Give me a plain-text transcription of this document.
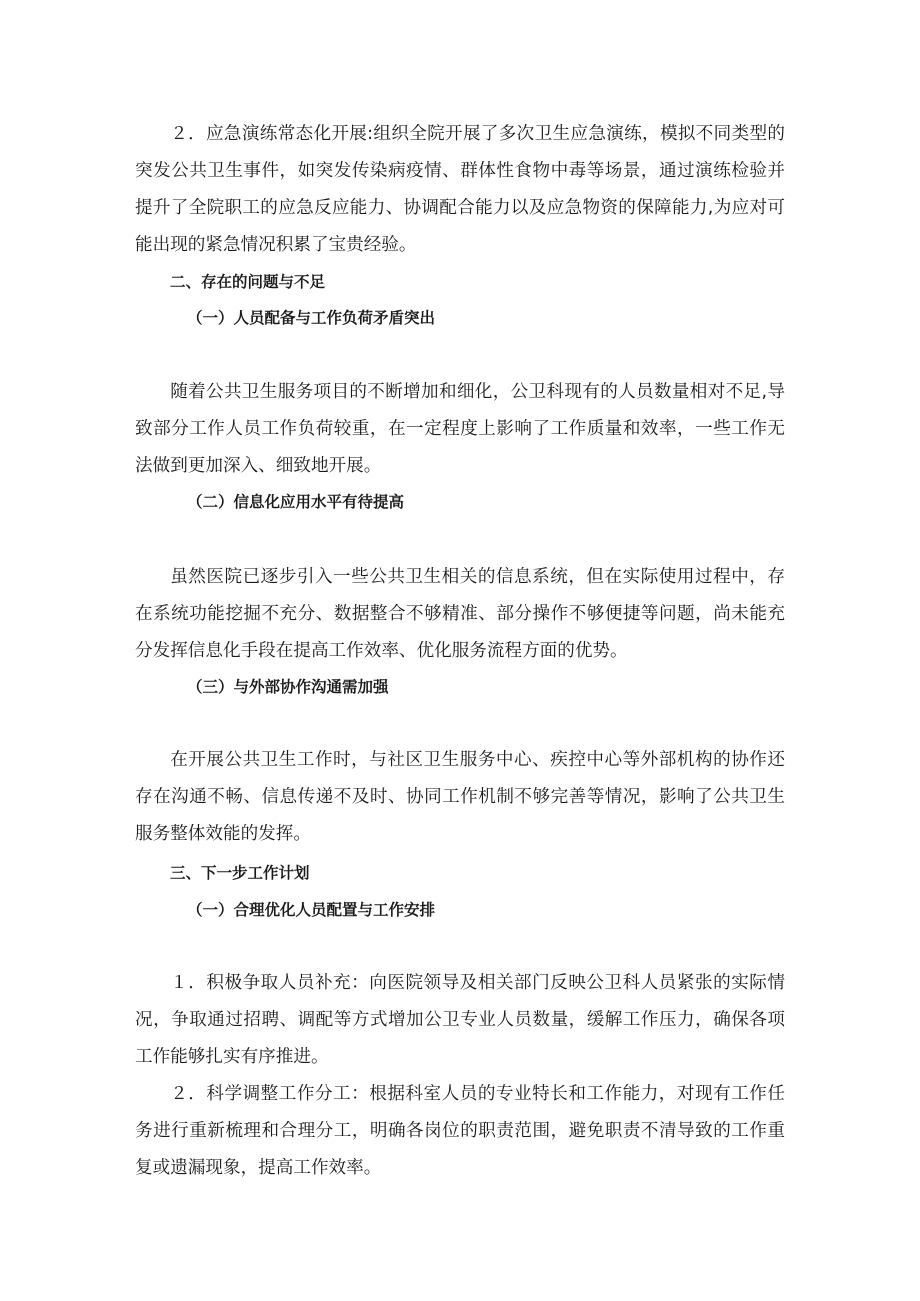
２．应急演练常态化开展:组织全院开展了多次卫生应急演练，模拟不同类型的突发公共卫生事件，如突发传染病疫情、群体性食物中毒等场景，通过演练检验并提升了全院职工的应急反应能力、协调配合能力以及应急物资的保障能力,为应对可能出现的紧急情况积累了宝贵经验。

二、存在的问题与不足
（一）人员配备与工作负荷矛盾突出

随着公共卫生服务项目的不断增加和细化，公卫科现有的人员数量相对不足,导致部分工作人员工作负荷较重，在一定程度上影响了工作质量和效率，一些工作无法做到更加深入、细致地开展。

（二）信息化应用水平有待提高

虽然医院已逐步引入一些公共卫生相关的信息系统，但在实际使用过程中，存在系统功能挖掘不充分、数据整合不够精准、部分操作不够便捷等问题，尚未能充分发挥信息化手段在提高工作效率、优化服务流程方面的优势。

（三）与外部协作沟通需加强

在开展公共卫生工作时，与社区卫生服务中心、疾控中心等外部机构的协作还存在沟通不畅、信息传递不及时、协同工作机制不够完善等情况，影响了公共卫生服务整体效能的发挥。

三、下一步工作计划
（一）合理优化人员配置与工作安排

１．积极争取人员补充：向医院领导及相关部门反映公卫科人员紧张的实际情况，争取通过招聘、调配等方式增加公卫专业人员数量，缓解工作压力，确保各项工作能够扎实有序推进。

２．科学调整工作分工：根据科室人员的专业特长和工作能力，对现有工作任务进行重新梳理和合理分工，明确各岗位的职责范围，避免职责不清导致的工作重复或遗漏现象，提高工作效率。
